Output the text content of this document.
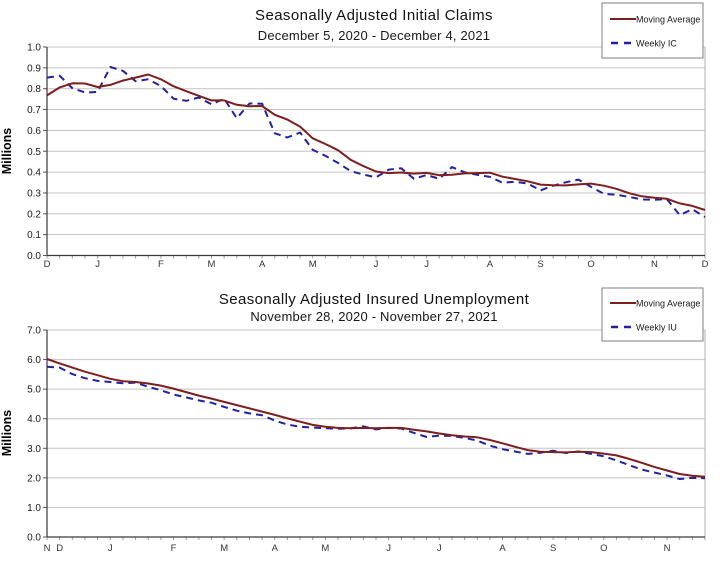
Seasonally Adjusted Initial Claims
December 5, 2020 - December 4, 2021
Millions
0.0
0.1
0.2
0.3
0.4
0.5
0.6
0.7
0.8
0.9
1.0
D	J	F	M	A	M	J	J	A	S	O	N	D
Moving Average
Weekly IC
Seasonally Adjusted Insured Unemployment
November 28, 2020 - November 27, 2021
Millions
0.0
1.0
2.0
3.0
4.0
5.0
6.0
7.0
N D	J	F	M	A	M	J	J	A	S	O	N
Moving Average
Weekly IU
